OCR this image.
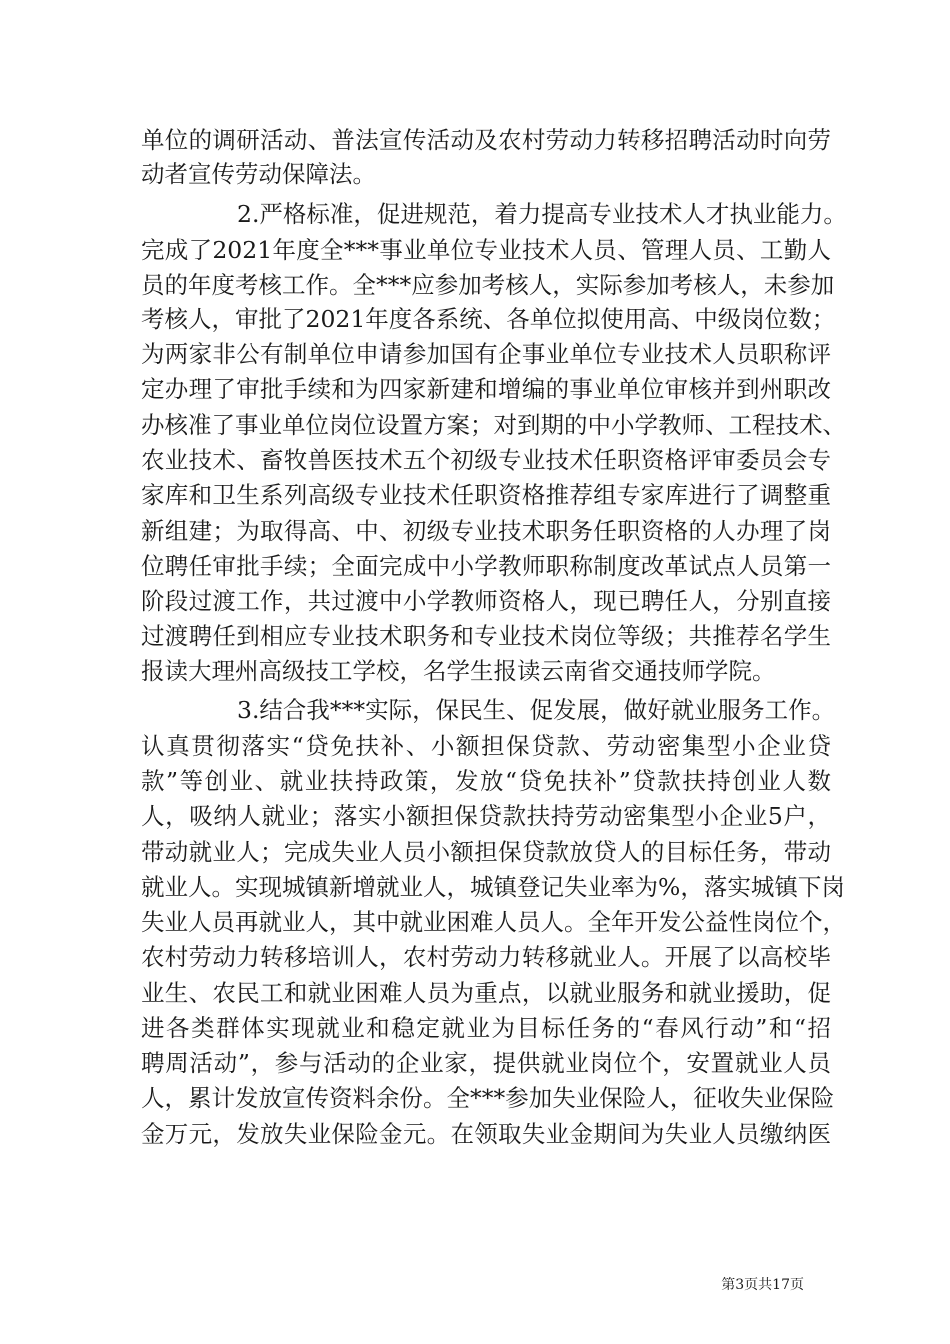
单位的调研活动、普法宣传活动及农村劳动力转移招聘活动时向劳
动者宣传劳动保障法。
2.严格标准，促进规范，着力提高专业技术人才执业能力。
完成了2021年度全***事业单位专业技术人员、管理人员、工勤人
员的年度考核工作。全***应参加考核人，实际参加考核人，未参加
考核人，审批了2021年度各系统、各单位拟使用高、中级岗位数；
为两家非公有制单位申请参加国有企事业单位专业技术人员职称评
定办理了审批手续和为四家新建和增编的事业单位审核并到州职改
办核准了事业单位岗位设置方案；对到期的中小学教师、工程技术、
农业技术、畜牧兽医技术五个初级专业技术任职资格评审委员会专
家库和卫生系列高级专业技术任职资格推荐组专家库进行了调整重
新组建；为取得高、中、初级专业技术职务任职资格的人办理了岗
位聘任审批手续；全面完成中小学教师职称制度改革试点人员第一
阶段过渡工作，共过渡中小学教师资格人，现已聘任人，分别直接
过渡聘任到相应专业技术职务和专业技术岗位等级；共推荐名学生
报读大理州高级技工学校，名学生报读云南省交通技师学院。
3.结合我***实际，保民生、促发展，做好就业服务工作。
认真贯彻落实“贷免扶补、小额担保贷款、劳动密集型小企业贷
款”等创业、就业扶持政策，发放“贷免扶补”贷款扶持创业人数
人，吸纳人就业；落实小额担保贷款扶持劳动密集型小企业5户，
带动就业人；完成失业人员小额担保贷款放贷人的目标任务，带动
就业人。实现城镇新增就业人，城镇登记失业率为%，落实城镇下岗
失业人员再就业人，其中就业困难人员人。全年开发公益性岗位个，
农村劳动力转移培训人，农村劳动力转移就业人。开展了以高校毕
业生、农民工和就业困难人员为重点，以就业服务和就业援助，促
进各类群体实现就业和稳定就业为目标任务的“春风行动”和“招
聘周活动”，参与活动的企业家，提供就业岗位个，安置就业人员
人，累计发放宣传资料余份。全***参加失业保险人，征收失业保险
金万元，发放失业保险金元。在领取失业金期间为失业人员缴纳医
第3页共17页
